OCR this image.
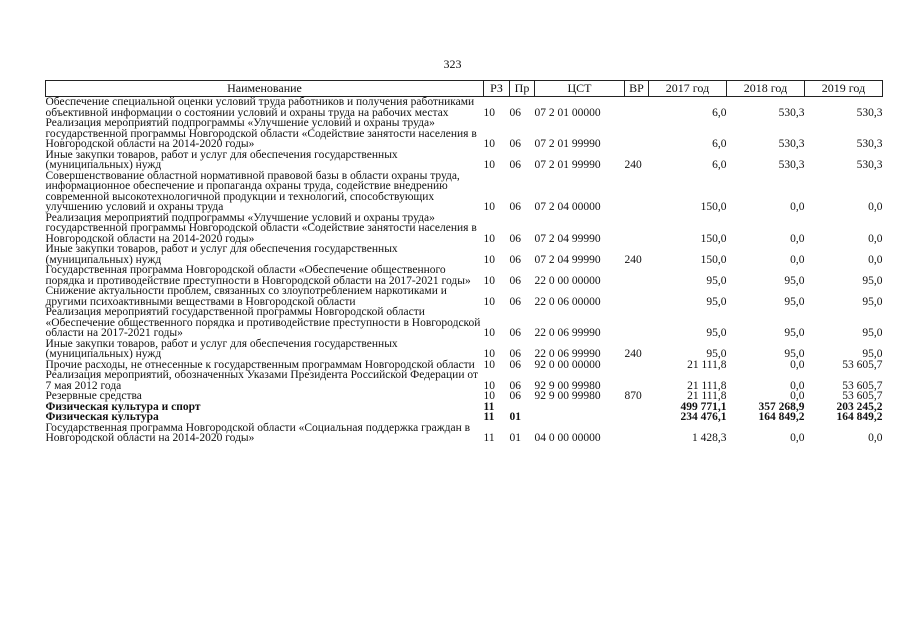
323
Наименование	РЗ	Пр	ЦСТ	ВР	2017 год	2018 год	2019 год
Обеспечение специальной оценки условий труда работников и получения работниками объективной информации о состоянии условий и охраны труда на рабочих местах	10	06	07 2 01 00000		6,0	530,3	530,3
Реализация мероприятий подпрограммы «Улучшение условий и охраны труда» государственной программы Новгородской области «Содействие занятости населения в Новгородской области на 2014-2020 годы»	10	06	07 2 01 99990		6,0	530,3	530,3
Иные закупки товаров, работ и услуг для обеспечения государственных (муниципальных) нужд	10	06	07 2 01 99990	240	6,0	530,3	530,3
Совершенствование областной нормативной правовой базы в области охраны труда, информационное обеспечение и пропаганда охраны труда, содействие внедрению современной высокотехнологичной продукции и технологий, способствующих улучшению условий и охраны труда	10	06	07 2 04 00000		150,0	0,0	0,0
Реализация мероприятий подпрограммы «Улучшение условий и охраны труда» государственной программы Новгородской области «Содействие занятости населения в Новгородской области на 2014-2020 годы»	10	06	07 2 04 99990		150,0	0,0	0,0
Иные закупки товаров, работ и услуг для обеспечения государственных (муниципальных) нужд	10	06	07 2 04 99990	240	150,0	0,0	0,0
Государственная программа Новгородской области «Обеспечение общественного порядка и противодействие преступности в Новгородской области на 2017-2021 годы»	10	06	22 0 00 00000		95,0	95,0	95,0
Снижение актуальности проблем, связанных со злоупотреблением наркотиками и другими психоактивными веществами в Новгородской области	10	06	22 0 06 00000		95,0	95,0	95,0
Реализация мероприятий государственной программы Новгородской области «Обеспечение общественного порядка и противодействие преступности в Новгородской области на 2017-2021 годы»	10	06	22 0 06 99990		95,0	95,0	95,0
Иные закупки товаров, работ и услуг для обеспечения государственных (муниципальных) нужд	10	06	22 0 06 99990	240	95,0	95,0	95,0
Прочие расходы, не отнесенные к государственным программам Новгородской области	10	06	92 0 00 00000		21 111,8	0,0	53 605,7
Реализация мероприятий, обозначенных Указами Президента Российской Федерации от 7 мая 2012 года	10	06	92 9 00 99980		21 111,8	0,0	53 605,7
Резервные средства	10	06	92 9 00 99980	870	21 111,8	0,0	53 605,7
Физическая культура и спорт	11				499 771,1	357 268,9	203 245,2
Физическая культура	11	01			234 476,1	164 849,2	164 849,2
Государственная программа Новгородской области «Социальная поддержка граждан в Новгородской области на 2014-2020 годы»	11	01	04 0 00 00000		1 428,3	0,0	0,0
